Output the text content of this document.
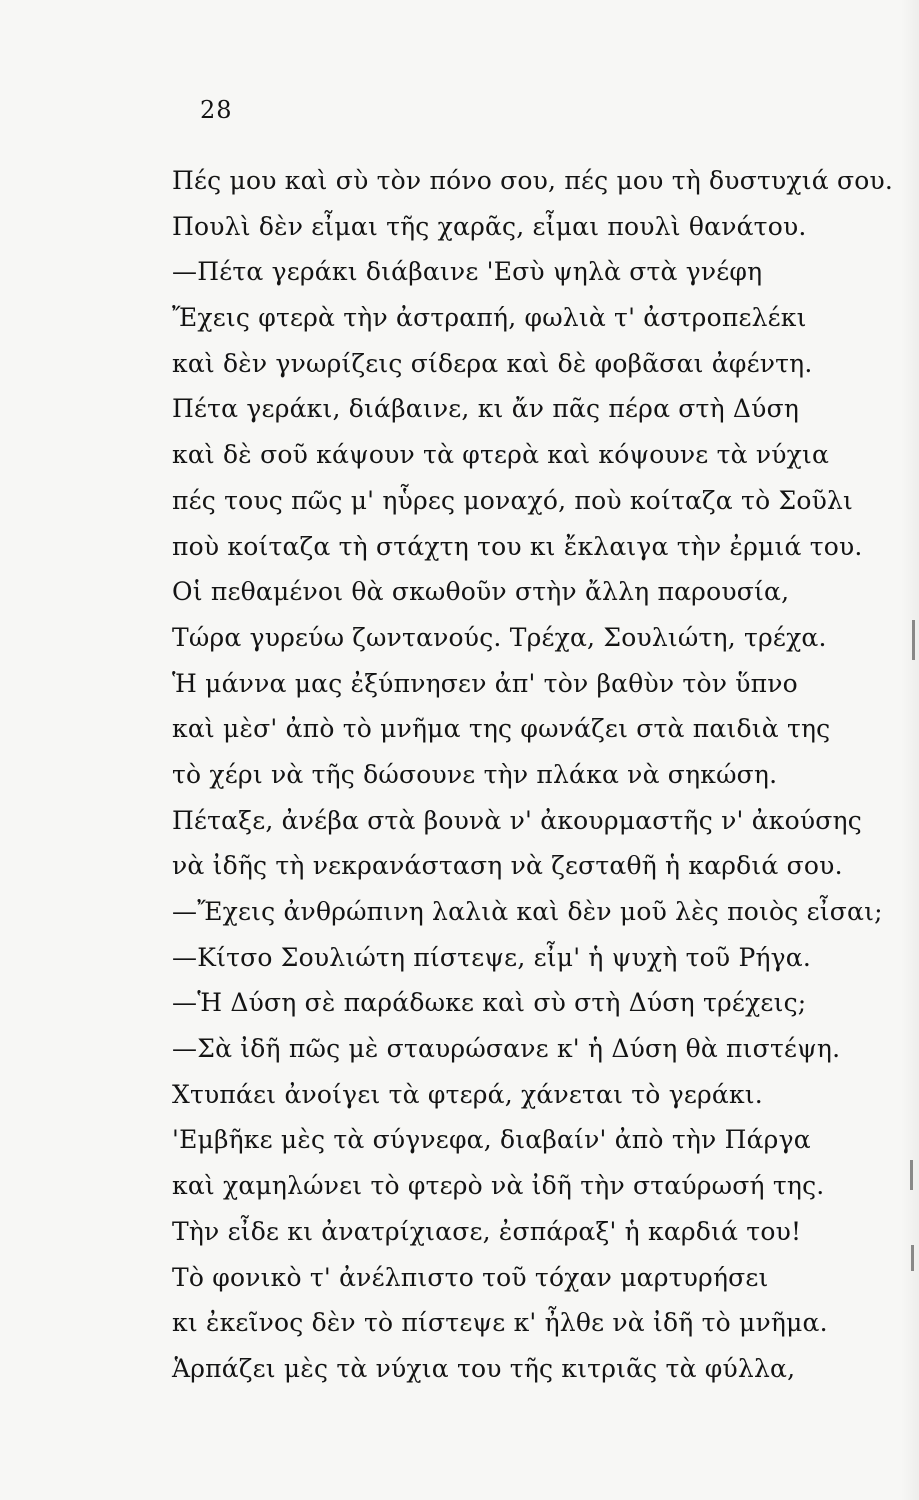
28
Πές μου καὶ σὺ τὸν πόνο σου, πές μου τὴ δυστυχιά σου.
Πουλὶ δὲν εἶμαι τῆς χαρᾶς, εἶμαι πουλὶ θανάτου.
—Πέτα γεράκι διάβαινε 'Εσὺ ψηλὰ στὰ γνέφη
Ἔχεις φτερὰ τὴν ἀστραπή, φωλιὰ τ' ἀστροπελέκι
καὶ δὲν γνωρίζεις σίδερα καὶ δὲ φοβᾶσαι ἀφέντη.
Πέτα γεράκι, διάβαινε, κι ἄν πᾶς πέρα στὴ Δύση
καὶ δὲ σοῦ κάψουν τὰ φτερὰ καὶ κόψουνε τὰ νύχια
πές τους πῶς μ' ηὗρες μοναχό, ποὺ κοίταζα τὸ Σοῦλι
ποὺ κοίταζα τὴ στάχτη του κι ἔκλαιγα τὴν ἐρμιά του.
Οἱ πεθαμένοι θὰ σκωθοῦν στὴν ἄλλη παρουσία,
Τώρα γυρεύω ζωντανούς. Τρέχα, Σουλιώτη, τρέχα.
Ἡ μάννα μας ἐξύπνησεν ἀπ' τὸν βαθὺν τὸν ὕπνο
καὶ μὲσ' ἀπὸ τὸ μνῆμα της φωνάζει στὰ παιδιὰ της
τὸ χέρι νὰ τῆς δώσουνε τὴν πλάκα νὰ σηκώση.
Πέταξε, ἀνέβα στὰ βουνὰ ν' ἀκουρμαστῆς ν' ἀκούσης
νὰ ἰδῆς τὴ νεκρανάσταση νὰ ζεσταθῆ ἡ καρδιά σου.
—Ἔχεις ἀνθρώπινη λαλιὰ καὶ δὲν μοῦ λὲς ποιὸς εἶσαι;
—Κίτσο Σουλιώτη πίστεψε, εἶμ' ἡ ψυχὴ τοῦ Ρήγα.
—Ἡ Δύση σὲ παράδωκε καὶ σὺ στὴ Δύση τρέχεις;
—Σὰ ἰδῆ πῶς μὲ σταυρώσανε κ' ἡ Δύση θὰ πιστέψη.
Χτυπάει ἀνοίγει τὰ φτερά, χάνεται τὸ γεράκι.
'Εμβῆκε μὲς τὰ σύγνεφα, διαβαίν' ἀπὸ τὴν Πάργα
καὶ χαμηλώνει τὸ φτερὸ νὰ ἰδῆ τὴν σταύρωσή της.
Τὴν εἶδε κι ἀνατρίχιασε, ἐσπάραξ' ἡ καρδιά του!
Τὸ φονικὸ τ' ἀνέλπιστο τοῦ τόχαν μαρτυρήσει
κι ἐκεῖνος δὲν τὸ πίστεψε κ' ἦλθε νὰ ἰδῆ τὸ μνῆμα.
Ἁρπάζει μὲς τὰ νύχια του τῆς κιτριᾶς τὰ φύλλα,
